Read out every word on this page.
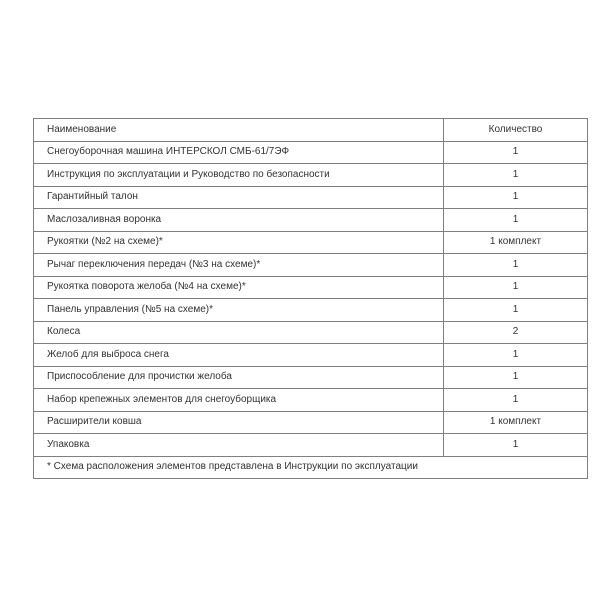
Наименование	Количество
Снегоуборочная машина ИНТЕРСКОЛ СМБ-61/7ЭФ	1
Инструкция по эксплуатации и Руководство по безопасности	1
Гарантийный талон	1
Маслозаливная воронка	1
Рукоятки (№2 на схеме)*	1 комплект
Рычаг переключения передач (№3 на схеме)*	1
Рукоятка поворота желоба (№4 на схеме)*	1
Панель управления (№5 на схеме)*	1
Колеса	2
Желоб для выброса снега	1
Приспособление для прочистки желоба	1
Набор крепежных элементов для снегоуборщика	1
Расширители ковша	1 комплект
Упаковка	1
* Схема расположения элементов представлена в Инструкции по эксплуатации	
